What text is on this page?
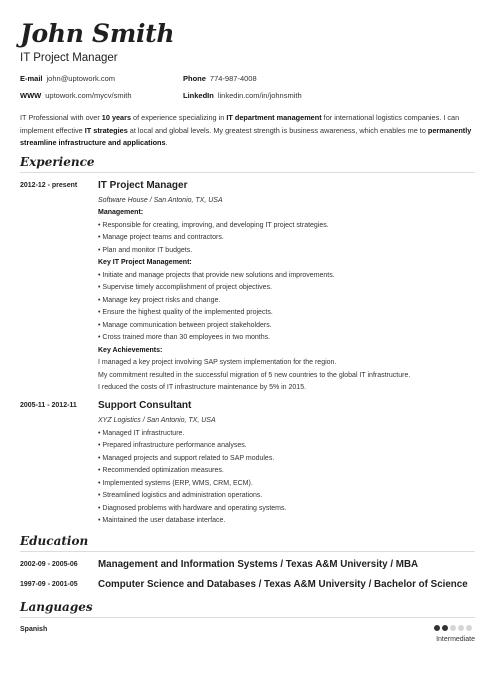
John Smith
IT Project Manager
E-mail john@uptowork.com	Phone 774-987-4008
WWW uptowork.com/mycv/smith	LinkedIn linkedin.com/in/johnsmith
IT Professional with over 10 years of experience specializing in IT department management for international logistics companies. I can implement effective IT strategies at local and global levels. My greatest strength is business awareness, which enables me to permanently streamline infrastructure and applications.
Experience
2012-12 - present IT Project Manager
Software House / San Antonio, TX, USA
Management:
• Responsible for creating, improving, and developing IT project strategies.
• Manage project teams and contractors.
• Plan and monitor IT budgets.
Key IT Project Management:
• Initiate and manage projects that provide new solutions and improvements.
• Supervise timely accomplishment of project objectives.
• Manage key project risks and change.
• Ensure the highest quality of the implemented projects.
• Manage communication between project stakeholders.
• Cross trained more than 30 employees in two months.
Key Achievements:
I managed a key project involving SAP system implementation for the region.
My commitment resulted in the successful migration of 5 new countries to the global IT infrastructure.
I reduced the costs of IT infrastructure maintenance by 5% in 2015.
2005-11 - 2012-11 Support Consultant
XYZ Logistics / San Antonio, TX, USA
• Managed IT infrastructure.
• Prepared infrastructure performance analyses.
• Managed projects and support related to SAP modules.
• Recommended optimization measures.
• Implemented systems (ERP, WMS, CRM, ECM).
• Streamlined logistics and administration operations.
• Diagnosed problems with hardware and operating systems.
• Maintained the user database interface.
Education
2002-09 - 2005-06 Management and Information Systems / Texas A&M University / MBA
1997-09 - 2001-05 Computer Science and Databases / Texas A&M University / Bachelor of Science
Languages
Spanish
Intermediate
